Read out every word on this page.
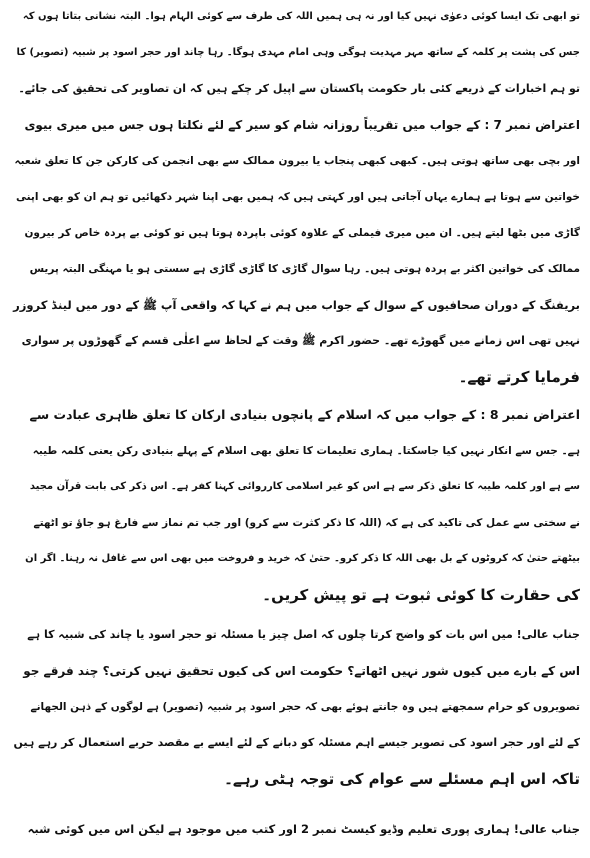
تو ابھی تک ایسا کوئی دعوٰی نہیں کیا اور نہ ہی ہمیں اللہ کی طرف سے کوئی الہام ہوا۔ البتہ نشانی بتاتا ہوں کہ
جس کی پشت پر کلمہ کے ساتھ مہر مہدیت ہوگی وہی امام مہدی ہوگا۔ رہا چاند اور حجر اسود پر شبیہ (تصویر) کا
تو ہم اخبارات کے ذریعے کئی بار حکومت پاکستان سے اپیل کر چکے ہیں کہ ان تصاویر کی تحقیق کی جائے۔
اعتراض نمبر 7 : کے جواب میں تقریباً روزانہ شام کو سیر کے لئے نکلتا ہوں جس میں میری بیوی
اور بچی بھی ساتھ ہوتی ہیں۔ کبھی کبھی پنجاب یا بیرون ممالک سے بھی انجمن کی کارکن جن کا تعلق شعبہ
خواتین سے ہوتا ہے ہمارے یہاں آجاتی ہیں اور کہتی ہیں کہ ہمیں بھی اپنا شہر دکھائیں تو ہم ان کو بھی اپنی
گاڑی میں بٹھا لیتے ہیں۔ ان میں میری فیملی کے علاوہ کوئی باپردہ ہوتا ہیں تو کوئی بے پردہ خاص کر بیرون
ممالک کی خواتین اکثر بے پردہ ہوتی ہیں۔ رہا سوال گاڑی کا گاڑی گاڑی ہے سستی ہو یا مہنگی البتہ پریس
بریفنگ کے دوران صحافیوں کے سوال کے جواب میں ہم نے کہا کہ واقعی آپ ﷺ کے دور میں لینڈ کروزر
نہیں تھی اس زمانے میں گھوڑے تھے۔ حضور اکرم ﷺ وقت کے لحاظ سے اعلٰی قسم کے گھوڑوں پر سواری
فرمایا کرتے تھے۔
اعتراض نمبر 8 : کے جواب میں کہ اسلام کے پانچوں بنیادی ارکان کا تعلق ظاہری عبادت سے
ہے۔ جس سے انکار نہیں کیا جاسکتا۔ ہماری تعلیمات کا تعلق بھی اسلام کے پہلے بنیادی رکن یعنی کلمہ طیبہ
سے ہے اور کلمہ طیبہ کا تعلق ذکر سے ہے اس کو غیر اسلامی کارروائی کہنا کفر ہے۔ اس ذکر کی بابت قرآن مجید
نے سختی سے عمل کی تاکید کی ہے کہ (اللہ کا ذکر کثرت سے کرو) اور جب تم نماز سے فارغ ہو جاؤ تو اٹھتے
بیٹھتے حتیٰ کہ کروٹوں کے بل بھی اللہ کا ذکر کرو۔ حتیٰ کہ خرید و فروخت میں بھی اس سے غافل نہ رہنا۔ اگر ان
کی حقارت کا کوئی ثبوت ہے تو پیش کریں۔
جناب عالی! میں اس بات کو واضح کرتا چلوں کہ اصل چیز یا مسئلہ تو حجر اسود یا چاند کی شبیہ کا ہے
اس کے بارے میں کیوں شور نہیں اٹھاتے؟ حکومت اس کی کیوں تحقیق نہیں کرتی؟ چند فرقے جو
تصویروں کو حرام سمجھتے ہیں وہ جانتے ہوئے بھی کہ حجر اسود پر شبیہ (تصویر) ہے لوگوں کے ذہن الجھانے
کے لئے اور حجر اسود کی تصویر جیسے اہم مسئلہ کو دبانے کے لئے ایسے بے مقصد حربے استعمال کر رہے ہیں
تاکہ اس اہم مسئلے سے عوام کی توجہ ہٹی رہے۔
جناب عالی! ہماری پوری تعلیم وڈیو کیسٹ نمبر 2 اور کتب میں موجود ہے لیکن اس میں کوئی شبہ
